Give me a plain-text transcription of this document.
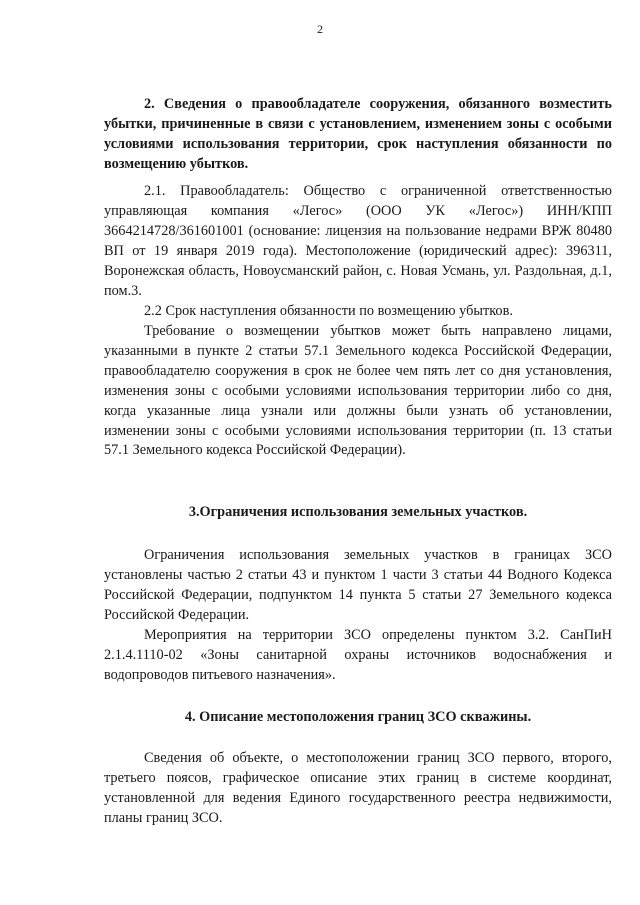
2
2. Сведения о правообладателе сооружения, обязанного возместить убытки, причиненные в связи с установлением, изменением зоны с особыми условиями использования территории, срок наступления обязанности по возмещению убытков.

2.1. Правообладатель: Общество с ограниченной ответственностью управляющая компания «Легос» (ООО УК «Легос») ИНН/КПП 3664214728/361601001 (основание: лицензия на пользование недрами ВРЖ 80480 ВП от 19 января 2019 года). Местоположение (юридический адрес): 396311, Воронежская область, Новоусманский район, с. Новая Усмань, ул. Раздольная, д.1, пом.3.

2.2 Срок наступления обязанности по возмещению убытков.

Требование о возмещении убытков может быть направлено лицами, указанными в пункте 2 статьи 57.1 Земельного кодекса Российской Федерации, правообладателю сооружения в срок не более чем пять лет со дня установления, изменения зоны с особыми условиями использования территории либо со дня, когда указанные лица узнали или должны были узнать об установлении, изменении зоны с особыми условиями использования территории (п. 13 статьи 57.1 Земельного кодекса Российской Федерации).

3.Ограничения использования земельных участков.

Ограничения использования земельных участков в границах ЗСО установлены частью 2 статьи 43 и пунктом 1 части 3 статьи 44 Водного Кодекса Российской Федерации, подпунктом 14 пункта 5 статьи 27 Земельного кодекса Российской Федерации.

Мероприятия на территории ЗСО определены пунктом 3.2. СанПиН 2.1.4.1110-02 «Зоны санитарной охраны источников водоснабжения и водопроводов питьевого назначения».

4. Описание местоположения границ ЗСО скважины.

Сведения об объекте, о местоположении границ ЗСО первого, второго, третьего поясов, графическое описание этих границ в системе координат, установленной для ведения Единого государственного реестра недвижимости, планы границ ЗСО.
